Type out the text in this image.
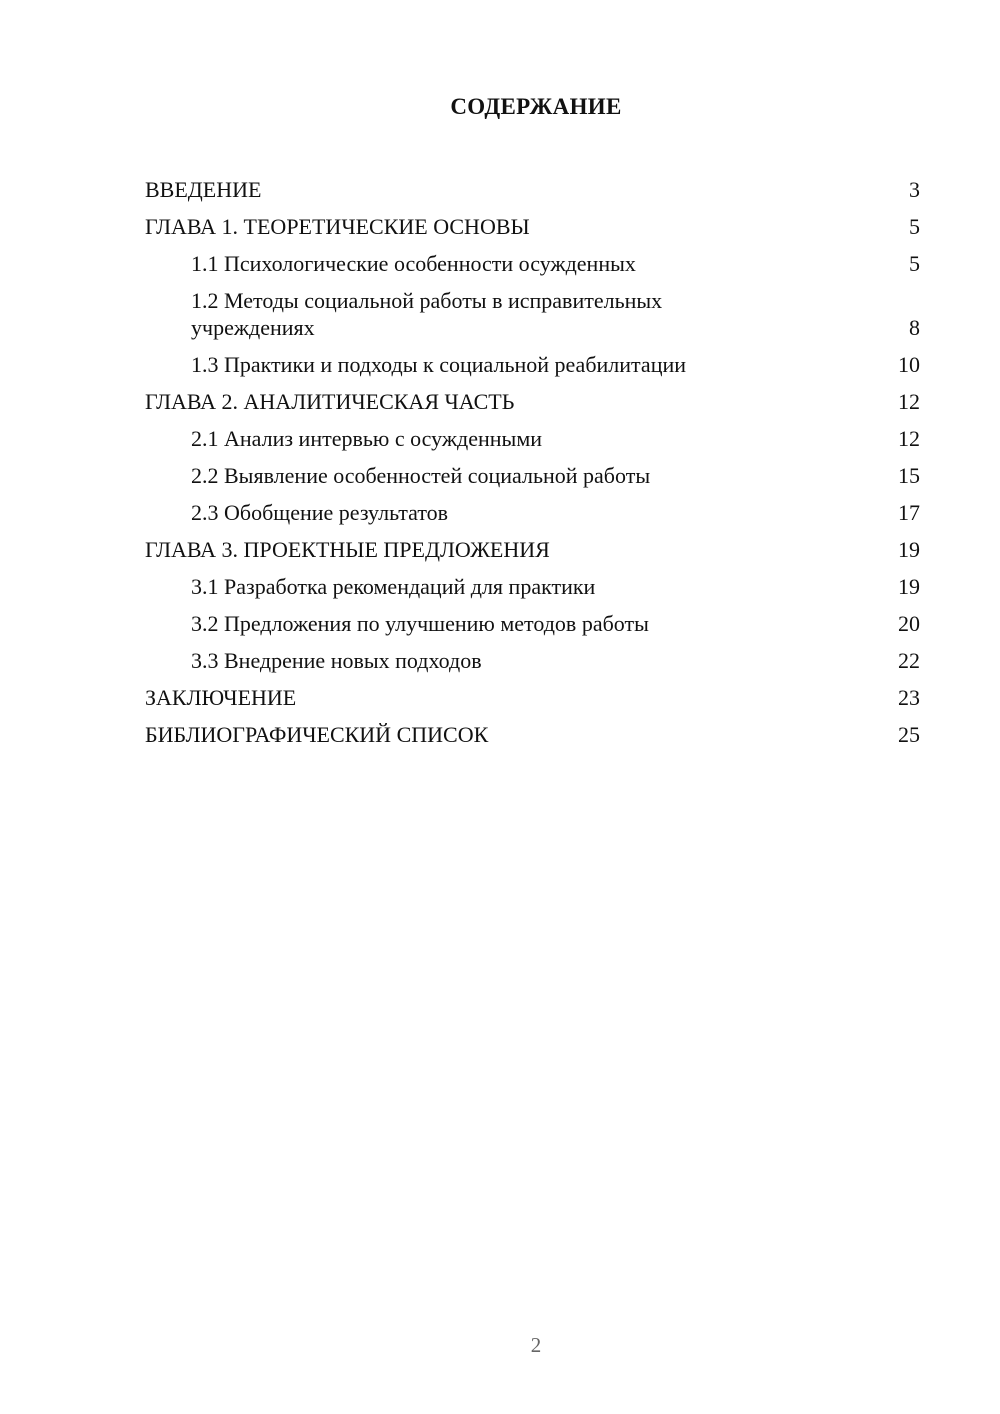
СОДЕРЖАНИЕ
ВВЕДЕНИЕ	3
ГЛАВА 1. ТЕОРЕТИЧЕСКИЕ ОСНОВЫ	5
1.1 Психологические особенности осужденных	5
1.2 Методы социальной работы в исправительных
учреждениях	8
1.3 Практики и подходы к социальной реабилитации	10
ГЛАВА 2. АНАЛИТИЧЕСКАЯ ЧАСТЬ	12
2.1 Анализ интервью с осужденными	12
2.2 Выявление особенностей социальной работы	15
2.3 Обобщение результатов	17
ГЛАВА 3. ПРОЕКТНЫЕ ПРЕДЛОЖЕНИЯ	19
3.1 Разработка рекомендаций для практики	19
3.2 Предложения по улучшению методов работы	20
3.3 Внедрение новых подходов	22
ЗАКЛЮЧЕНИЕ	23
БИБЛИОГРАФИЧЕСКИЙ СПИСОК	25
2
